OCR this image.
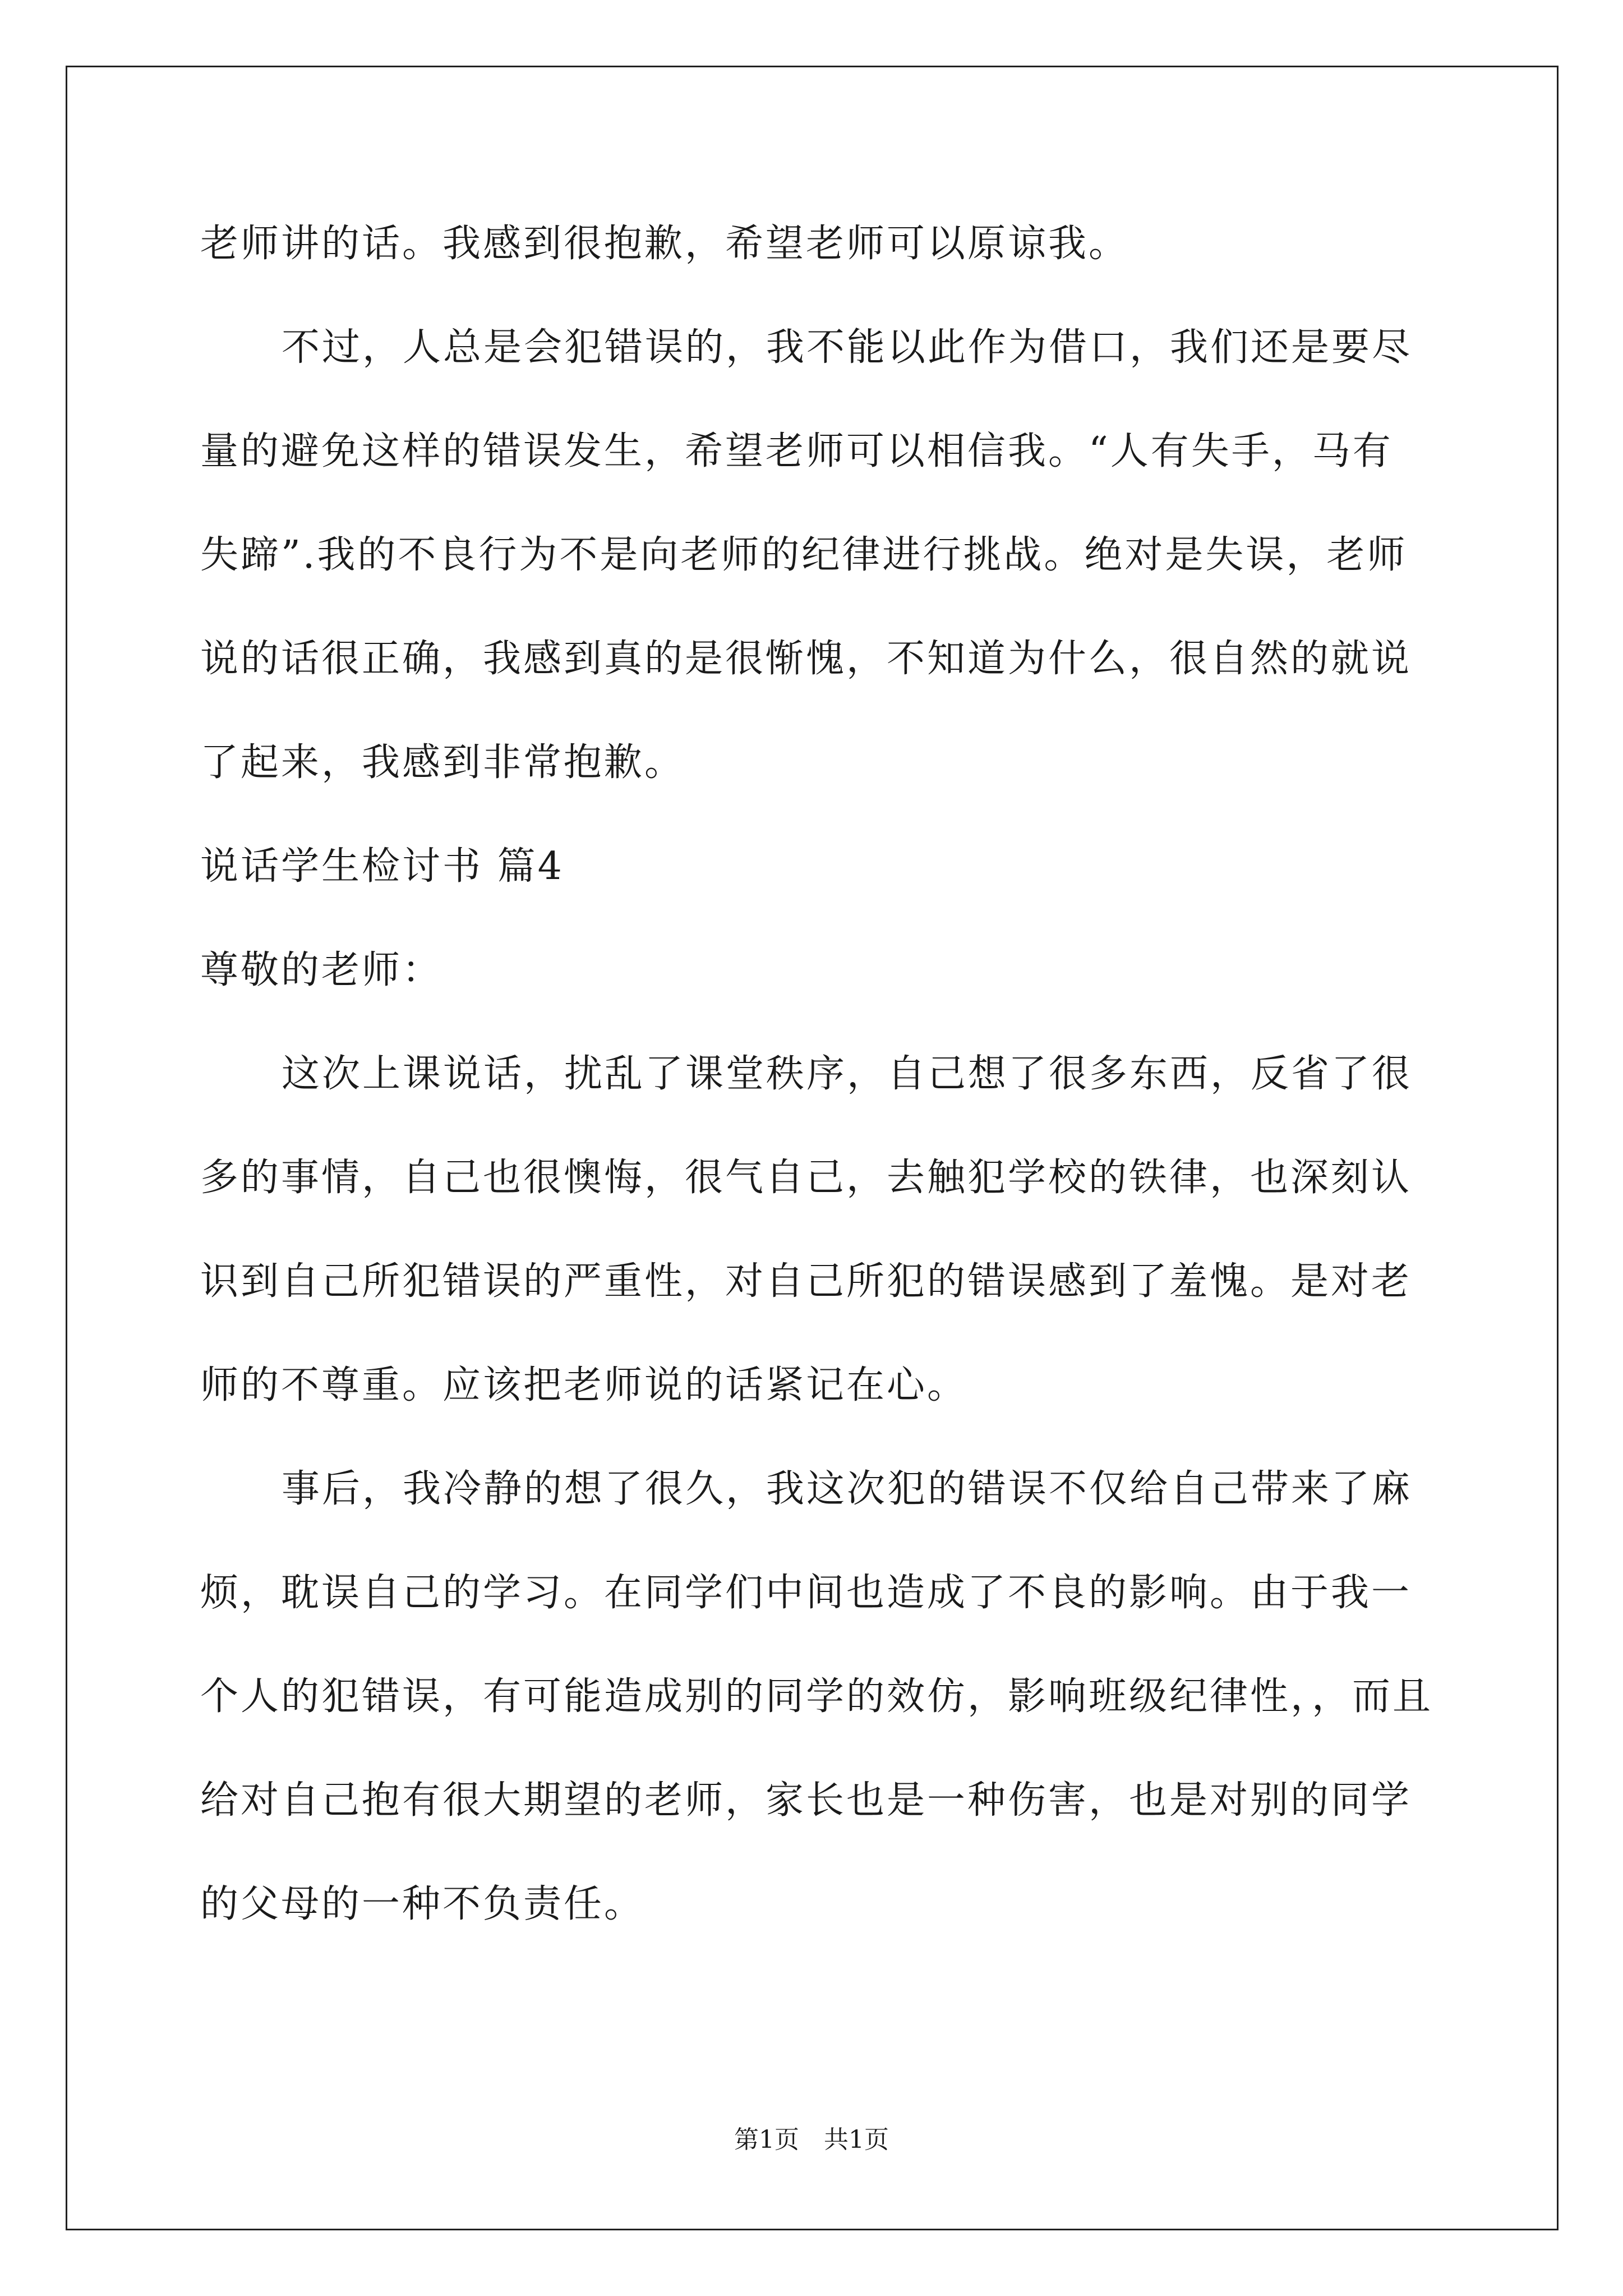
老师讲的话。我感到很抱歉，希望老师可以原谅我。
不过，人总是会犯错误的，我不能以此作为借口，我们还是要尽
量的避免这样的错误发生，希望老师可以相信我。“人有失手，马有
失蹄”.我的不良行为不是向老师的纪律进行挑战。绝对是失误，老师
说的话很正确，我感到真的是很惭愧，不知道为什么，很自然的就说
了起来，我感到非常抱歉。
说话学生检讨书 篇4
尊敬的老师：
这次上课说话，扰乱了课堂秩序，自己想了很多东西，反省了很
多的事情，自己也很懊悔，很气自己，去触犯学校的铁律，也深刻认
识到自己所犯错误的严重性，对自己所犯的错误感到了羞愧。是对老
师的不尊重。应该把老师说的话紧记在心。
事后，我冷静的想了很久，我这次犯的错误不仅给自己带来了麻
烦，耽误自己的学习。在同学们中间也造成了不良的影响。由于我一
个人的犯错误，有可能造成别的同学的效仿，影响班级纪律性，，而且
给对自己抱有很大期望的老师，家长也是一种伤害，也是对别的同学
的父母的一种不负责任。
第1页　共1页
